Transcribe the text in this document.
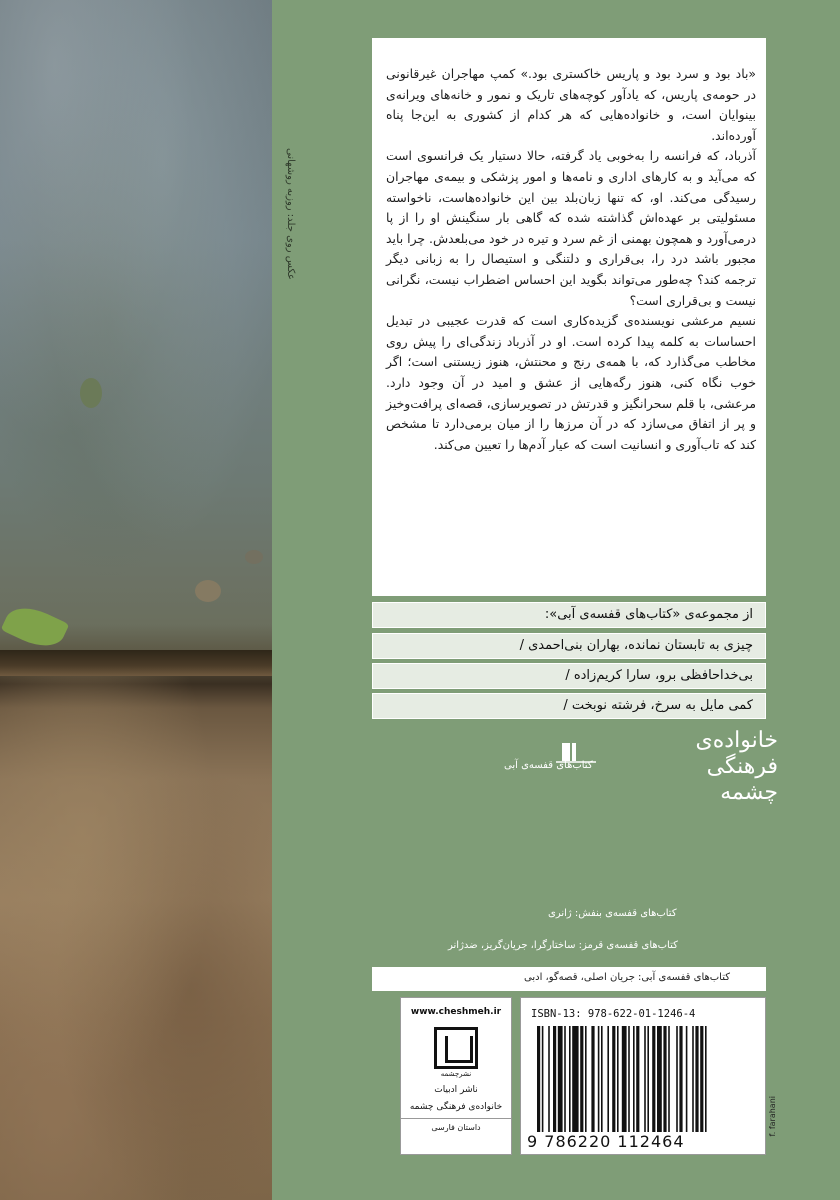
عکس روی جلد: روزبه روشهانی

«باد بود و سرد بود و پاریس خاکستری بود.» کمپ مهاجران غیرقانونی در حومه‌ی پاریس، که یادآور کوچه‌های تاریک و نمور و خانه‌های ویرانه‌ی بینوایان است، و خانواده‌هایی که هر کدام از کشوری به این‌جا پناه آورده‌اند.

آذرباد، که فرانسه را به‌خوبی یاد گرفته، حالا دستیار یک فرانسوی است که می‌آید و به کارهای اداری و نامه‌ها و امور پزشکی و بیمه‌ی مهاجران رسیدگی می‌کند. او، که تنها زبان‌بلد بین این خانواده‌هاست، ناخواسته مسئولیتی بر عهده‌اش گذاشته شده که گاهی بار سنگینش او را از پا درمی‌آورد و همچون بهمنی از غم سرد و تیره در خود می‌بلعدش. چرا باید مجبور باشد درد را، بی‌قراری و دلتنگی و استیصال را به زبانی دیگر ترجمه کند؟ چه‌طور می‌تواند بگوید این احساس اضطراب نیست، نگرانی نیست و بی‌قراری است؟

نسیم مرعشی نویسنده‌ی گزیده‌کاری است که قدرت عجیبی در تبدیل احساسات به کلمه پیدا کرده است. او در آذرباد زندگی‌ای را پیش روی مخاطب می‌گذارد که، با همه‌ی رنج و محنتش، هنوز زیستنی است؛ اگر خوب نگاه کنی، هنوز رگه‌هایی از عشق و امید در آن وجود دارد. مرعشی، با قلم سحرانگیز و قدرتش در تصویرسازی، قصه‌ای پرافت‌وخیز و پر از اتفاق می‌سازد که در آن مرزها را از میان برمی‌دارد تا مشخص کند که تاب‌آوری و انسانیت است که عیار آدم‌ها را تعیین می‌کند.

از مجموعه‌ی «کتاب‌های قفسه‌ی آبی»:
چیزی به تابستان نمانده، بهاران بنی‌احمدی /
بی‌خداحافظی برو، سارا کریم‌زاده /
کمی مایل به سرخ، فرشته نوبخت /
کتاب‌های قفسه‌ی آبی
خانواده‌ی
فرهنگی
چشمه
کتاب‌های قفسه‌ی بنفش: ژانری
کتاب‌های قفسه‌ی قرمز: ساختارگرا، جریان‌گریز، ضدژانر
کتاب‌های قفسه‌ی آبی: جریان اصلی، قصه‌گو، ادبی
www.cheshmeh.ir
نشرچشمه
ناشر ادبیات
خانواده‌ی فرهنگی چشمه
داستان فارسی
ISBN-13: 978-622-01-1246-4
9 786220 112464
f. farahani
